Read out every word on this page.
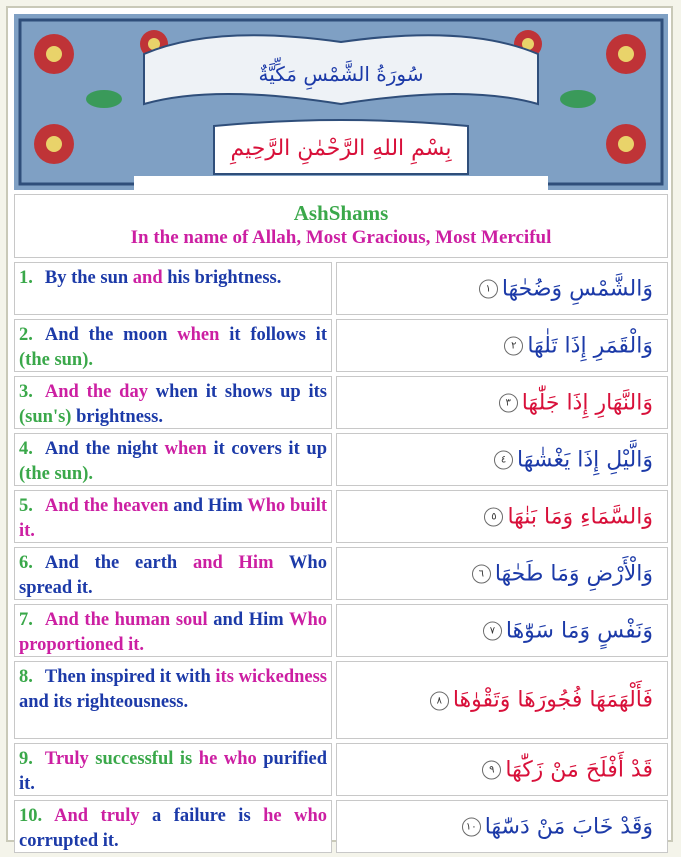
سُورَةُ الشَّمْسِ مَكِّيَّةٌ
بِسْمِ اللهِ الرَّحْمٰنِ الرَّحِيمِ
AshShams
In the name of Allah, Most Gracious, Most Merciful
1. By the sun and his brightness.	وَالشَّمْسِ وَضُحٰهَا١
2. And the moon when it follows it (the sun).
وَالْقَمَرِ إِذَا تَلٰهَا٢
3. And the day when it shows up its (sun's) brightness.
وَالنَّهَارِ إِذَا جَلّٰهَا٣
4. And the night when it covers it up (the sun).
وَالَّيْلِ إِذَا يَغْشٰهَا٤
5. And the heaven and Him Who built it.
وَالسَّمَاءِ وَمَا بَنٰهَا٥
6. And the earth and Him Who spread it.
وَالْأَرْضِ وَمَا طَحٰهَا٦
7. And the human soul and Him Who proportioned it.
وَنَفْسٍ وَمَا سَوّٰهَا٧
8. Then inspired it with its wickedness and its righteousness.	فَأَلْهَمَهَا فُجُورَهَا وَتَقْوٰهَا٨
9. Truly successful is he who purified it.
قَدْ أَفْلَحَ مَنْ زَكّٰهَا٩
10. And truly a failure is he who corrupted it.
وَقَدْ خَابَ مَنْ دَسّٰهَا١٠
